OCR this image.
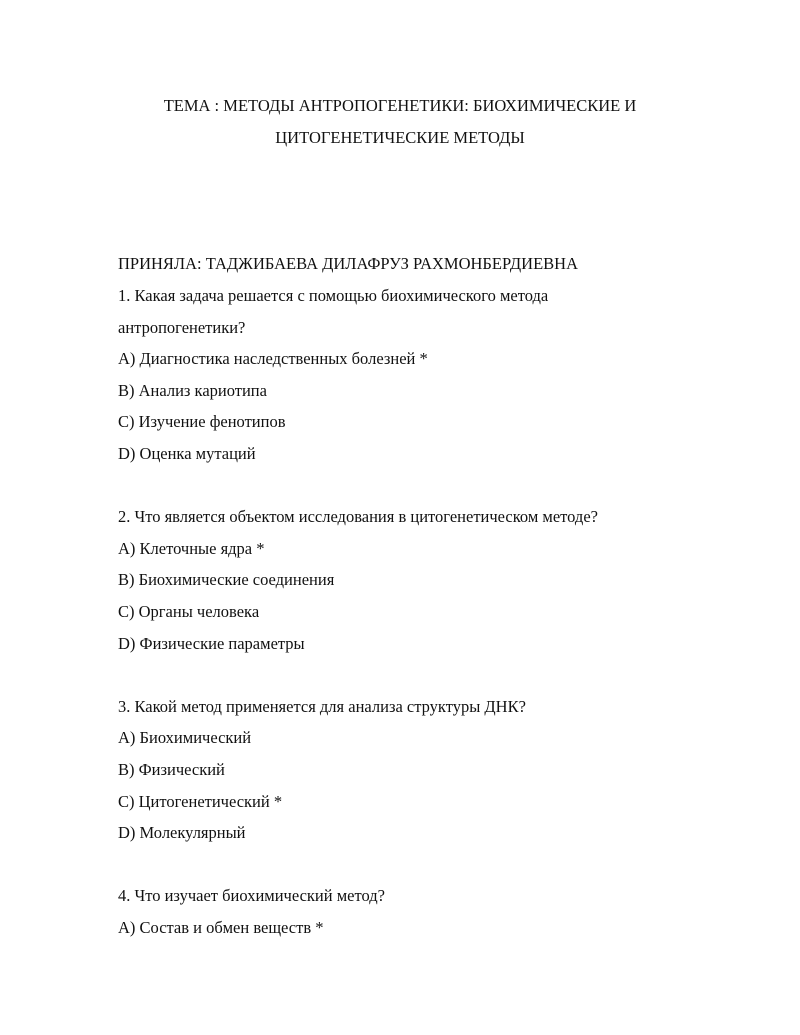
ТЕМА : МЕТОДЫ АНТРОПОГЕНЕТИКИ: БИОХИМИЧЕСКИЕ И
ЦИТОГЕНЕТИЧЕСКИЕ МЕТОДЫ
ПРИНЯЛА: ТАДЖИБАЕВА ДИЛАФРУЗ РАХМОНБЕРДИЕВНА
1. Какая задача решается с помощью биохимического метода
антропогенетики?
A) Диагностика наследственных болезней *
B) Анализ кариотипа
C) Изучение фенотипов
D) Оценка мутаций
2. Что является объектом исследования в цитогенетическом методе?
A) Клеточные ядра *
B) Биохимические соединения
C) Органы человека
D) Физические параметры
3. Какой метод применяется для анализа структуры ДНК?
A) Биохимический
B) Физический
C) Цитогенетический *
D) Молекулярный
4. Что изучает биохимический метод?
A) Состав и обмен веществ *
